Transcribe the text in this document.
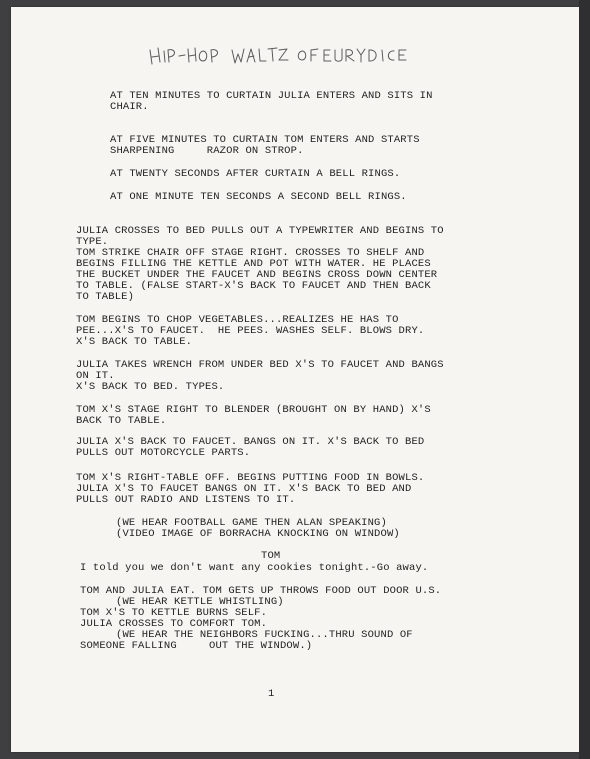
AT TEN MINUTES TO CURTAIN JULIA ENTERS AND SITS IN
CHAIR.
AT FIVE MINUTES TO CURTAIN TOM ENTERS AND STARTS
SHARPENING     RAZOR ON STROP.
AT TWENTY SECONDS AFTER CURTAIN A BELL RINGS.
AT ONE MINUTE TEN SECONDS A SECOND BELL RINGS.
JULIA CROSSES TO BED PULLS OUT A TYPEWRITER AND BEGINS TO
TYPE.
TOM STRIKE CHAIR OFF STAGE RIGHT. CROSSES TO SHELF AND
BEGINS FILLING THE KETTLE AND POT WITH WATER. HE PLACES
THE BUCKET UNDER THE FAUCET AND BEGINS CROSS DOWN CENTER
TO TABLE. (FALSE START-X'S BACK TO FAUCET AND THEN BACK
TO TABLE)
TOM BEGINS TO CHOP VEGETABLES...REALIZES HE HAS TO
PEE...X'S TO FAUCET.  HE PEES. WASHES SELF. BLOWS DRY.
X'S BACK TO TABLE.
JULIA TAKES WRENCH FROM UNDER BED X'S TO FAUCET AND BANGS
ON IT.
X'S BACK TO BED. TYPES.
TOM X'S STAGE RIGHT TO BLENDER (BROUGHT ON BY HAND) X'S
BACK TO TABLE.
JULIA X'S BACK TO FAUCET. BANGS ON IT. X'S BACK TO BED
PULLS OUT MOTORCYCLE PARTS.
TOM X'S RIGHT-TABLE OFF. BEGINS PUTTING FOOD IN BOWLS.
JULIA X'S TO FAUCET BANGS ON IT. X'S BACK TO BED AND
PULLS OUT RADIO AND LISTENS TO IT.
(WE HEAR FOOTBALL GAME THEN ALAN SPEAKING)
(VIDEO IMAGE OF BORRACHA KNOCKING ON WINDOW)
TOM
I told you we don't want any cookies tonight.-Go away.
TOM AND JULIA EAT. TOM GETS UP THROWS FOOD OUT DOOR U.S.
(WE HEAR KETTLE WHISTLING)
TOM X'S TO KETTLE BURNS SELF.
JULIA CROSSES TO COMFORT TOM.
(WE HEAR THE NEIGHBORS FUCKING...THRU SOUND OF
SOMEONE FALLING     OUT THE WINDOW.)
1
